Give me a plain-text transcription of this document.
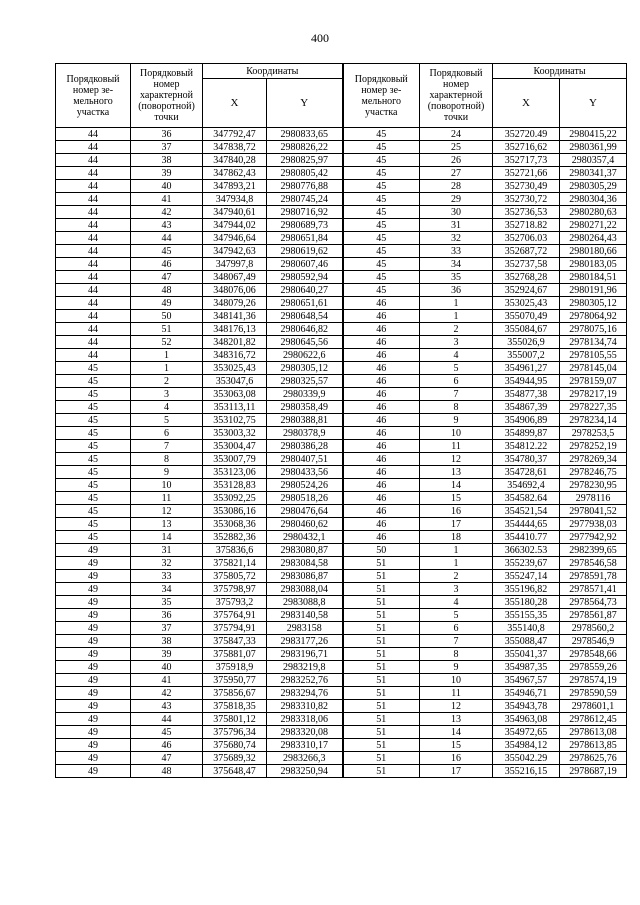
400
Порядковый номер зе-мельного участка	Порядковый номер характерной (поворотной) точки	Координаты		Порядковый номер зе-мельного участка	Порядковый номер характерной (поворотной) точки	Координаты	
		X	Y			X	Y
44	36	347792,47	2980833,65	45	24	352720.49	2980415,22
44	37	347838,72	2980826,22	45	25	352716,62	2980361,99
44	38	347840,28	2980825,97	45	26	352717,73	2980357,4
44	39	347862,43	2980805,42	45	27	352721,66	2980341,37
44	40	347893,21	2980776,88	45	28	352730,49	2980305,29
44	41	347934,8	2980745,24	45	29	352730,72	2980304,36
44	42	347940,61	2980716,92	45	30	352736,53	2980280,63
44	43	347944,02	2980689,73	45	31	352718.82	2980271,22
44	44	347946,64	2980651,84	45	32	352706.03	2980264,43
44	45	347942,63	2980619,62	45	33	352687,72	2980180,66
44	46	347997,8	2980607,46	45	34	352737,58	2980183,05
44	47	348067,49	2980592,94	45	35	352768,28	2980184,51
44	48	348076,06	2980640,27	45	36	352924,67	2980191,96
44	49	348079,26	2980651,61	46	1	353025,43	2980305,12
44	50	348141,36	2980648,54	46	1	355070,49	2978064,92
44	51	348176,13	2980646,82	46	2	355084,67	2978075,16
44	52	348201,82	2980645,56	46	3	355026,9	2978134,74
44	1	348316,72	2980622,6	46	4	355007,2	2978105,55
45	1	353025,43	2980305,12	46	5	354961,27	2978145,04
45	2	353047,6	2980325,57	46	6	354944,95	2978159,07
45	3	353063,08	2980339,9	46	7	354877,38	2978217,19
45	4	353113,11	2980358,49	46	8	354867,39	2978227,35
45	5	353102,75	2980388,81	46	9	354906,89	2978234,14
45	6	353003,32	2980378,9	46	10	354899,87	2978253,5
45	7	353004,47	2980386,28	46	11	354812.22	2978252,19
45	8	353007,79	2980407,51	46	12	354780,37	2978269,34
45	9	353123,06	2980433,56	46	13	354728,61	2978246,75
45	10	353128,83	2980524,26	46	14	354692,4	2978230,95
45	11	353092,25	2980518,26	46	15	354582.64	2978116
45	12	353086,16	2980476,64	46	16	354521,54	2978041,52
45	13	353068,36	2980460,62	46	17	354444,65	2977938,03
45	14	352882,36	2980432,1	46	18	354410.77	2977942,92
49	31	375836,6	2983080,87	50	1	366302.53	2982399,65
49	32	375821,14	2983084,58	51	1	355239,67	2978546,58
49	33	375805,72	2983086,87	51	2	355247,14	2978591,78
49	34	375798,97	2983088,04	51	3	355196,82	2978571,41
49	35	375793,2	2983088,8	51	4	355180,28	2978564,73
49	36	375764,91	2983140,58	51	5	355155,35	2978561,87
49	37	375794,91	2983158	51	6	355140,8	2978560,2
49	38	375847,33	2983177,26	51	7	355088,47	2978546,9
49	39	375881,07	2983196,71	51	8	355041,37	2978548,66
49	40	375918,9	2983219,8	51	9	354987,35	2978559,26
49	41	375950,77	2983252,76	51	10	354967,57	2978574,19
49	42	375856,67	2983294,76	51	11	354946,71	2978590,59
49	43	375818,35	2983310,82	51	12	354943,78	2978601,1
49	44	375801,12	2983318,06	51	13	354963,08	2978612,45
49	45	375796,34	2983320,08	51	14	354972,65	2978613,08
49	46	375680,74	2983310,17	51	15	354984,12	2978613,85
49	47	375689,32	2983266,3	51	16	355042.29	2978625,76
49	48	375648,47	2983250,94	51	17	355216,15	2978687,19
